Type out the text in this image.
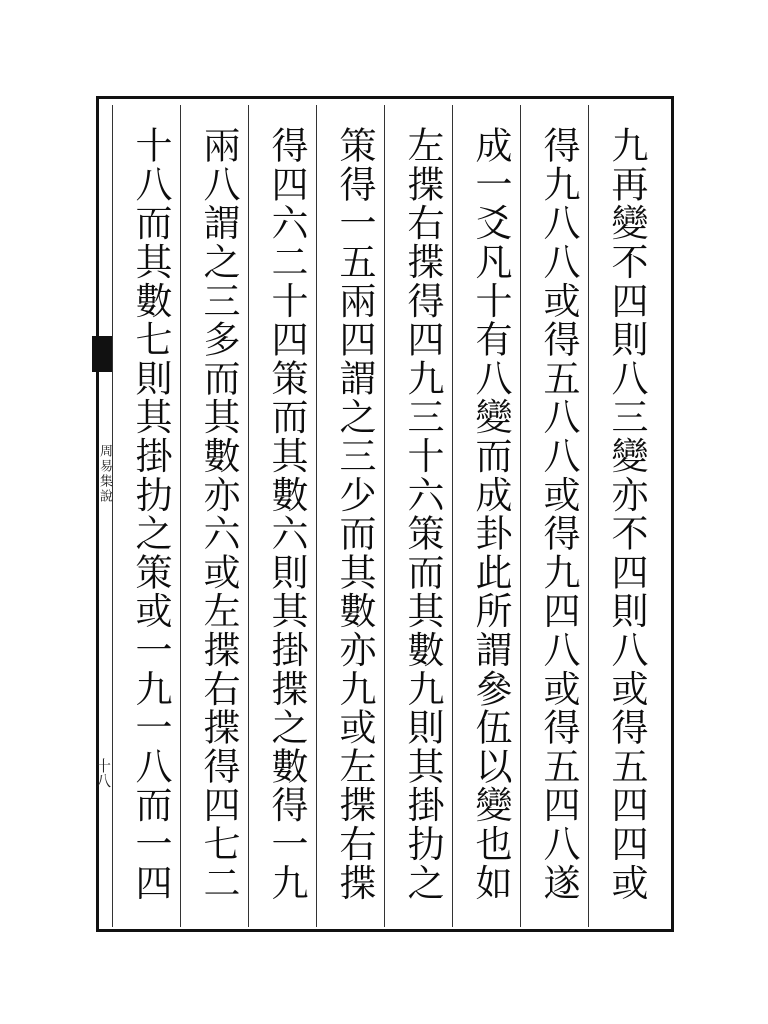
周易集說
十八	九再變不四則八三變亦不四則八或得五四四或
得九八八或得五八八或得九四八或得五四八遂
成一爻凡十有八變而成卦此所謂參伍以變也如
左揲右揲得四九三十六策而其數九則其掛扐之
策得一五兩四謂之三少而其數亦九或左揲右揲
得四六二十四策而其數六則其掛揲之數得一九
兩八謂之三多而其數亦六或左揲右揲得四七二
十八而其數七則其掛扐之策或一九一八而一四
